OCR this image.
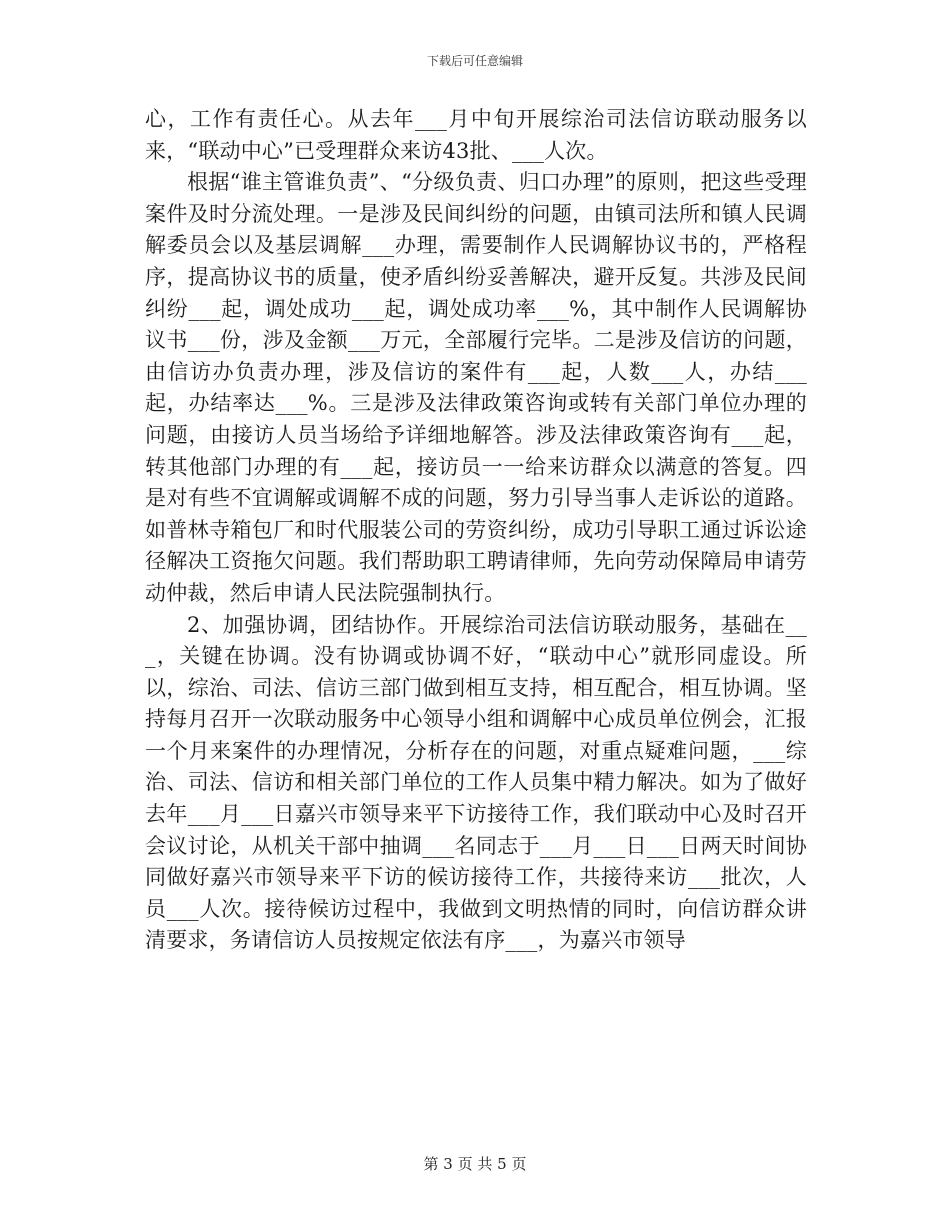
下载后可任意编辑

心，工作有责任心。从去年___月中旬开展综治司法信访联动服务以来，“联动中心”已受理群众来访43批、___人次。

根据“谁主管谁负责”、“分级负责、归口办理”的原则，把这些受理案件及时分流处理。一是涉及民间纠纷的问题，由镇司法所和镇人民调解委员会以及基层调解___办理，需要制作人民调解协议书的，严格程序，提高协议书的质量，使矛盾纠纷妥善解决，避开反复。共涉及民间纠纷___起，调处成功___起，调处成功率___%，其中制作人民调解协议书___份，涉及金额___万元，全部履行完毕。二是涉及信访的问题，由信访办负责办理，涉及信访的案件有___起，人数___人，办结___起，办结率达___%。三是涉及法律政策咨询或转有关部门单位办理的问题，由接访人员当场给予详细地解答。涉及法律政策咨询有___起，转其他部门办理的有___起，接访员一一给来访群众以满意的答复。四是对有些不宜调解或调解不成的问题，努力引导当事人走诉讼的道路。如普林寺箱包厂和时代服装公司的劳资纠纷，成功引导职工通过诉讼途径解决工资拖欠问题。我们帮助职工聘请律师，先向劳动保障局申请劳动仲裁，然后申请人民法院强制执行。

2、加强协调，团结协作。开展综治司法信访联动服务，基础在___，关键在协调。没有协调或协调不好，“联动中心”就形同虚设。所以，综治、司法、信访三部门做到相互支持，相互配合，相互协调。坚持每月召开一次联动服务中心领导小组和调解中心成员单位例会，汇报一个月来案件的办理情况，分析存在的问题，对重点疑难问题，___综治、司法、信访和相关部门单位的工作人员集中精力解决。如为了做好去年___月___日嘉兴市领导来平下访接待工作，我们联动中心及时召开会议讨论，从机关干部中抽调___名同志于___月___日___日两天时间协同做好嘉兴市领导来平下访的候访接待工作，共接待来访___批次，人员___人次。接待候访过程中，我做到文明热情的同时，向信访群众讲清要求，务请信访人员按规定依法有序___，为嘉兴市领导

第 3 页 共 5 页
